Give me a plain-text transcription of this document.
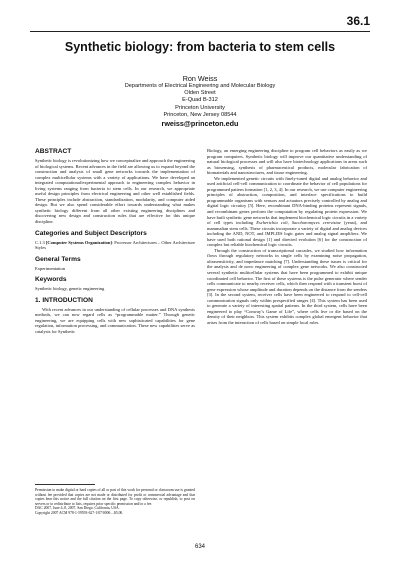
36.1
Synthetic biology: from bacteria to stem cells
Ron Weiss
Departments of Electrical Engineering and Molecular Biology
Olden Street
E-Quad B-312
Princeton University
Princeton, New Jersey 08544
rweiss@princeton.edu
ABSTRACT

Synthetic biology is revolutionizing how we conceptualize and approach the engineering of biological systems. Recent advances in the field are allowing us to expand beyond the construction and analysis of small gene networks towards the implementation of complex multicellular systems with a variety of applications. We have developed an integrated computational/experimental approach to engineering complex behavior in living systems ranging from bacteria to stem cells. In our research, we appropriate useful design principles from electrical engineering and other well established fields. These principles include abstraction, standardization, modularity, and computer aided design. But we also spend considerable effort towards understanding what makes synthetic biology different from all other existing engineering disciplines and discovering new design and construction rules that are effective for this unique discipline.

Categories and Subject Descriptors

C.1.3 [Computer Systems Organization]: Processor Architectures – Other Architecture Styles

General Terms

Experimentation

Keywords

Synthetic biology, genetic engineering

1. INTRODUCTION

With recent advances in our understanding of cellular processes and DNA synthesis methods, we can now regard cells as “programmable matter.” Through genetic engineering, we are equipping cells with new sophisticated capabilities for gene regulation, information processing, and communication. These new capabilities serve as catalysts for Synthetic

Permission to make digital or hard copies of all or part of this work for personal or classroom use is granted without fee provided that copies are not made or distributed for profit or commercial advantage and that copies bear this notice and the full citation on the first page. To copy otherwise, or republish, to post on servers or to redistribute to lists, requires prior specific permission and/or a fee.
DAC 2007, June 4–8, 2007, San Diego, California, USA.
Copyright 2007 ACM 978-1-59593-627-1/07/0006 ...$5.00.

Biology, an emerging engineering discipline to program cell behaviors as easily as we program computers. Synthetic biology will improve our quantitative understanding of natural biological processes and will also have biotechnology applications in areas such as biosensing, synthesis of pharmaceutical products, molecular fabrication of biomaterials and nanostructures, and tissue engineering.

We implemented genetic circuits with finely-tuned digital and analog behavior and used artificial cell-cell communication to coordinate the behavior of cell populations for programmed pattern formation [1, 2, 3, 4]. In our research, we use computer engineering principles of abstraction, composition, and interface specifications to build programmable organisms with sensors and actuators precisely controlled by analog and digital logic circuitry [5]. Here, recombinant DNA-binding proteins represent signals, and recombinant genes perform the computation by regulating protein expression. We have built synthetic gene networks that implement biochemical logic circuits in a variety of cell types including Escherichia coli, Saccharomyces cerevisiae (yeast), and mammalian stem cells. These circuits incorporate a variety of digital and analog devices including the AND, NOT, and IMPLIES logic gates and analog signal amplifiers. We have used both rational design [1] and directed evolution [6] for the construction of complex but reliable biochemical logic circuits.

Through the construction of transcriptional cascades, we studied how information flows through regulatory networks in single cells by examining noise propagation, ultrasensitivity, and impedance matching [7]. Understanding these issues is critical for the analysis and de novo engineering of complex gene networks. We also constructed several synthetic multicellular systems that have been programmed to exhibit unique coordinated cell behavior. The first of these systems is the pulse generator where sender cells communicate to nearby receiver cells, which then respond with a transient burst of gene expression whose amplitude and duration depends on the distance from the senders [3]. In the second system, receiver cells have been engineered to respond to cell-cell communication signals only within prespecified ranges [4]. This system has been used to generate a variety of interesting spatial patterns. In the third system, cells have been engineered to play “Conway’s Game of Life”, where cells live or die based on the density of their neighbors. This system exhibits complex global emergent behavior that arises from the interaction of cells based on simple local rules.

634
